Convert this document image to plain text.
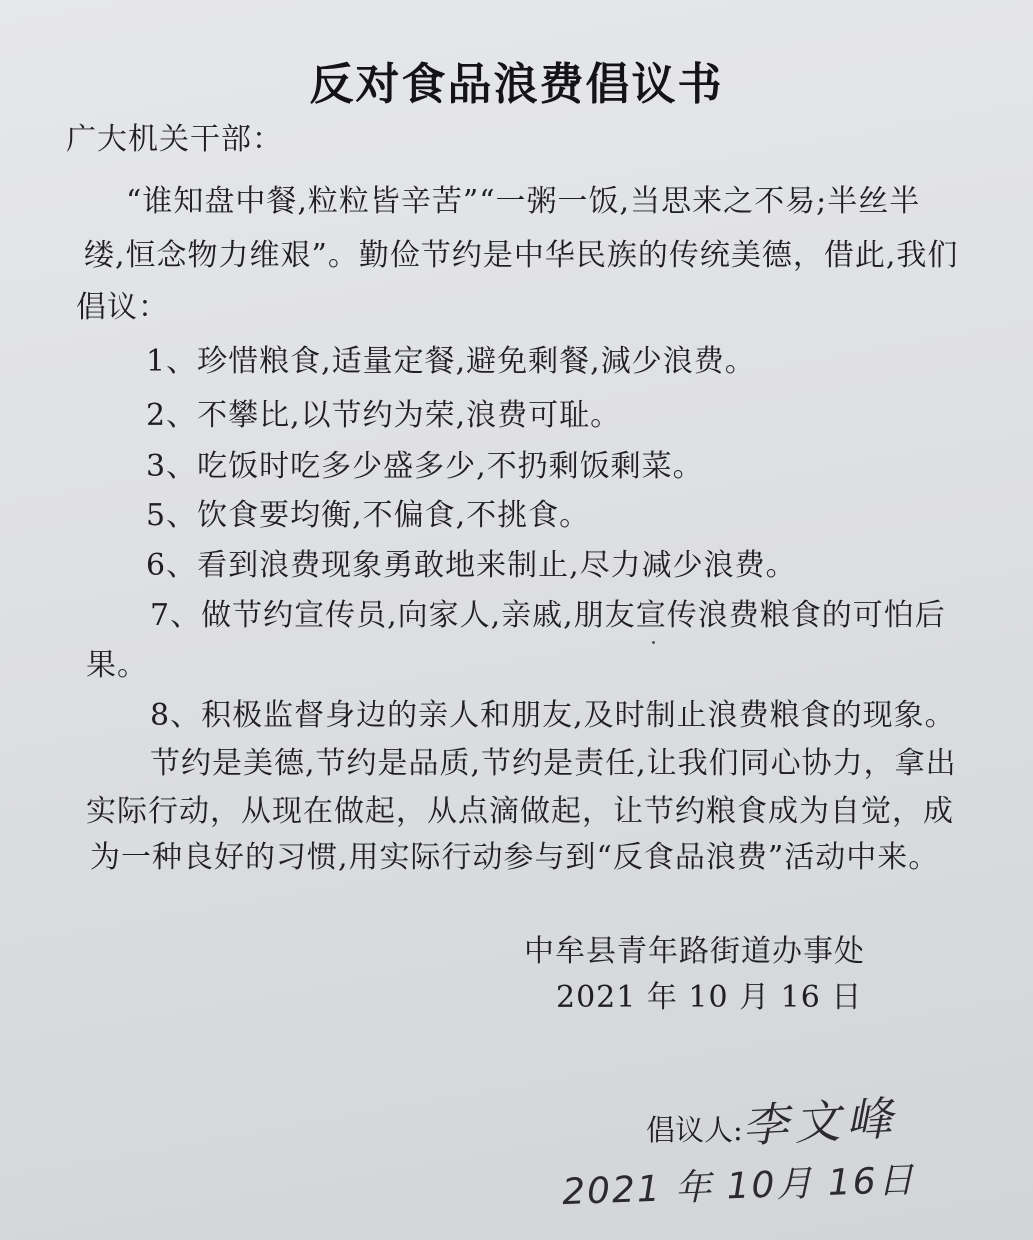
反对食品浪费倡议书
广大机关干部：
“谁知盘中餐,粒粒皆辛苦”“一粥一饭,当思来之不易;半丝半
缕,恒念物力维艰”。勤俭节约是中华民族的传统美德，借此,我们
倡议：
1、珍惜粮食,适量定餐,避免剩餐,減少浪费。
2、不攀比,以节约为荣,浪费可耻。
3、吃饭时吃多少盛多少,不扔剩饭剩菜。
5、饮食要均衡,不偏食,不挑食。
6、看到浪费现象勇敢地来制止,尽力减少浪费。
7、做节约宣传员,向家人,亲戚,朋友宣传浪费粮食的可怕后
果。
8、积极监督身边的亲人和朋友,及时制止浪费粮食的现象。
节约是美德,节约是品质,节约是责任,让我们同心协力，拿出
实际行动，从现在做起，从点滴做起，让节约粮食成为自觉，成
为一种良好的习惯,用实际行动参与到“反食品浪费”活动中来。
中牟县青年路街道办事处
2021 年 10 月 16 日
倡议人:
李文峰
2021 年 10月 16日
